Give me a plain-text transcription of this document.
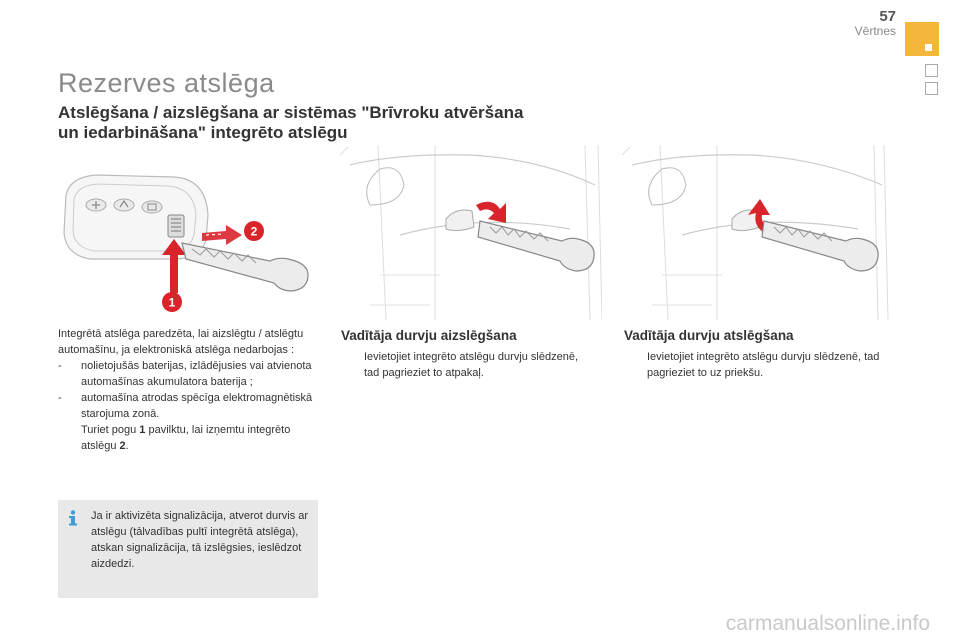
57
Vērtnes
Rezerves atslēga
Atslēgšana / aizslēgšana ar sistēmas "Brīvroku atvēršana
un iedarbināšana" integrēto atslēgu
1
2

Integrētā atslēga paredzēta, lai aizslēgtu / atslēgtu automašīnu, ja elektroniskā atslēga nedarbojas :

-	nolietojušās baterijas, izlādējusies vai atvienota automašīnas akumulatora baterija ;
-	automašīna atrodas spēcīga elektromagnētiskā starojuma zonā.
Turiet pogu 1 pavilktu, lai izņemtu integrēto atslēgu 2.
Ja ir aktivizēta signalizācija, atverot durvis ar atslēgu (tālvadības pultī integrētā atslēga), atskan signalizācija, tā izslēgsies, ieslēdzot aizdedzi.
Vadītāja durvju aizslēgšana
Ievietojiet integrēto atslēgu durvju slēdzenē, tad pagrieziet to atpakaļ.
Vadītāja durvju atslēgšana
Ievietojiet integrēto atslēgu durvju slēdzenē, tad pagrieziet to uz priekšu.
carmanualsonline.info
